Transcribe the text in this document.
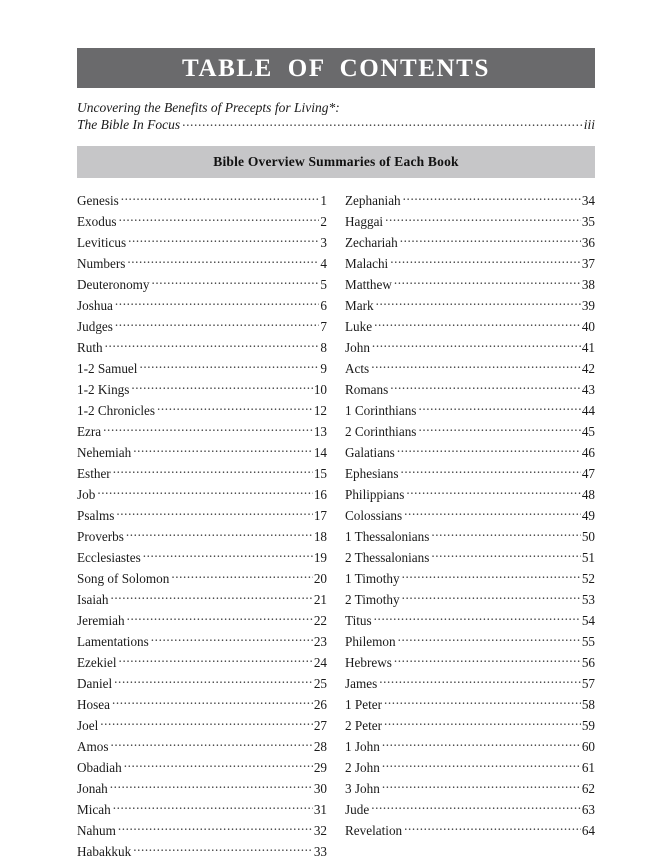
TABLE OF CONTENTS
Uncovering the Benefits of Precepts for Living*:
The Bible In Focus .....	iii
Bible Overview Summaries of Each Book
Genesis .....	1
Exodus .....	2
Leviticus .....	3
Numbers .....	4
Deuteronomy .....	5
Joshua .....	6
Judges .....	7
Ruth .....	8
1-2 Samuel .....	9
1-2 Kings .....	10
1-2 Chronicles .....	12
Ezra .....	13
Nehemiah .....	14
Esther .....	15
Job .....	16
Psalms .....	17
Proverbs .....	18
Ecclesiastes .....	19
Song of Solomon .....	20
Isaiah .....	21
Jeremiah .....	22
Lamentations .....	23
Ezekiel .....	24
Daniel .....	25
Hosea .....	26
Joel .....	27
Amos .....	28
Obadiah .....	29
Jonah .....	30
Micah .....	31
Nahum .....	32
Habakkuk .....	33
Zephaniah .....	34
Haggai .....	35
Zechariah .....	36
Malachi .....	37
Matthew .....	38
Mark .....	39
Luke .....	40
John .....	41
Acts .....	42
Romans .....	43
1 Corinthians .....	44
2 Corinthians .....	45
Galatians .....	46
Ephesians .....	47
Philippians .....	48
Colossians .....	49
1 Thessalonians .....	50
2 Thessalonians .....	51
1 Timothy .....	52
2 Timothy .....	53
Titus .....	54
Philemon .....	55
Hebrews .....	56
James .....	57
1 Peter .....	58
2 Peter .....	59
1 John .....	60
2 John .....	61
3 John .....	62
Jude .....	63
Revelation .....	64
